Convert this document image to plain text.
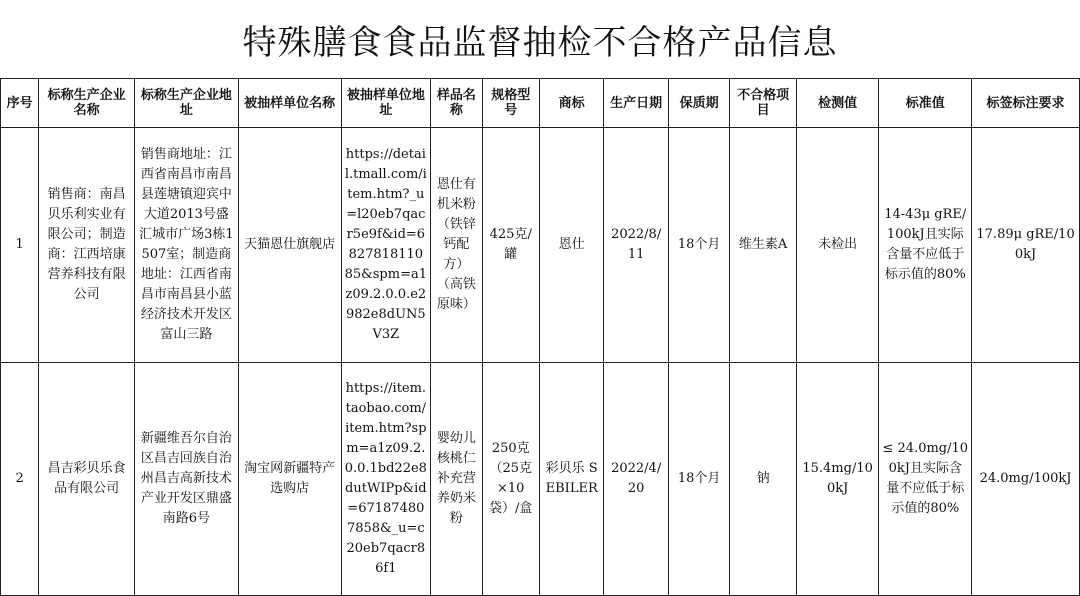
特殊膳食食品监督抽检不合格产品信息
序号	标称生产企业名称	标称生产企业地址	被抽样单位名称	被抽样单位地址	样品名称	规格型号	商标	生产日期	保质期	不合格项目	检测值	标准值	标签标注要求
1	销售商：南昌贝乐利实业有限公司；制造商：江西培康营养科技有限公司	销售商地址：江西省南昌市南昌县莲塘镇迎宾中大道2013号盛汇城市广场3栋1507室；制造商地址：江西省南昌市南昌县小蓝经济技术开发区富山三路	天猫恩仕旗舰店	https://detail.tmall.com/item.htm?_u=l20eb7qacr5e9f&id=682781811085&spm=a1z09.2.0.0.e2982e8dUN5V3Z	恩仕有机米粉（铁锌钙配方）（高铁原味）	425克/罐	恩仕	2022/8/11	18个月	维生素A	未检出	14-43μ gRE/100kJ且实际含量不应低于标示值的80%	17.89μ gRE/100kJ
2	昌吉彩贝乐食品有限公司	新疆维吾尔自治区昌吉回族自治州昌吉高新技术产业开发区鼎盛南路6号	淘宝网新疆特产选购店	https://item.taobao.com/item.htm?spm=a1z09.2.0.0.1bd22e8dutWIPp&id=671874807858&_u=c20eb7qacr86f1	婴幼儿核桃仁补充营养奶米粉	250克（25克×10袋）/盒	彩贝乐 SEBILER	2022/4/20	18个月	钠	15.4mg/100kJ	≤ 24.0mg/100kJ且实际含量不应低于标示值的80%	24.0mg/100kJ
